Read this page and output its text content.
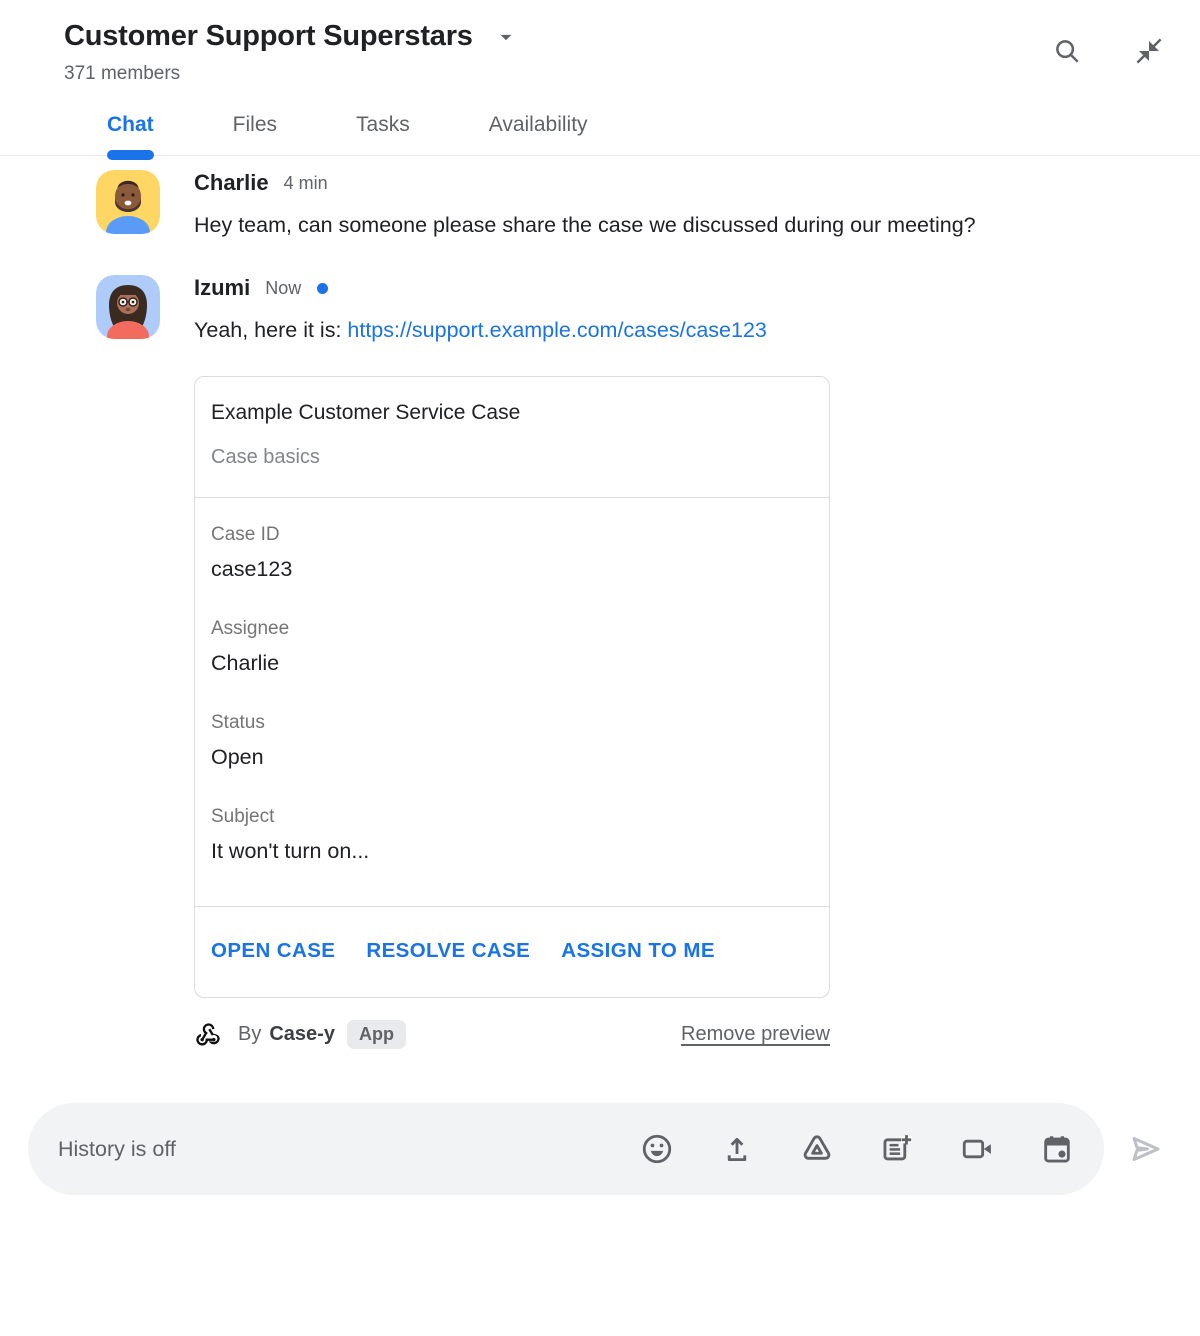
Customer Support Superstars
371 members
Chat	Files	Tasks	Availability
Charlie 4 min
Hey team, can someone please share the case we discussed during our meeting?
Izumi Now
Yeah, here it is: https://support.example.com/cases/case123
Example Customer Service Case
Case basics
Case ID
case123
Assignee
Charlie
Status
Open
Subject
It won't turn on...
OPEN CASE RESOLVE CASE ASSIGN TO ME
By Case-y	App	Remove preview
History is off
